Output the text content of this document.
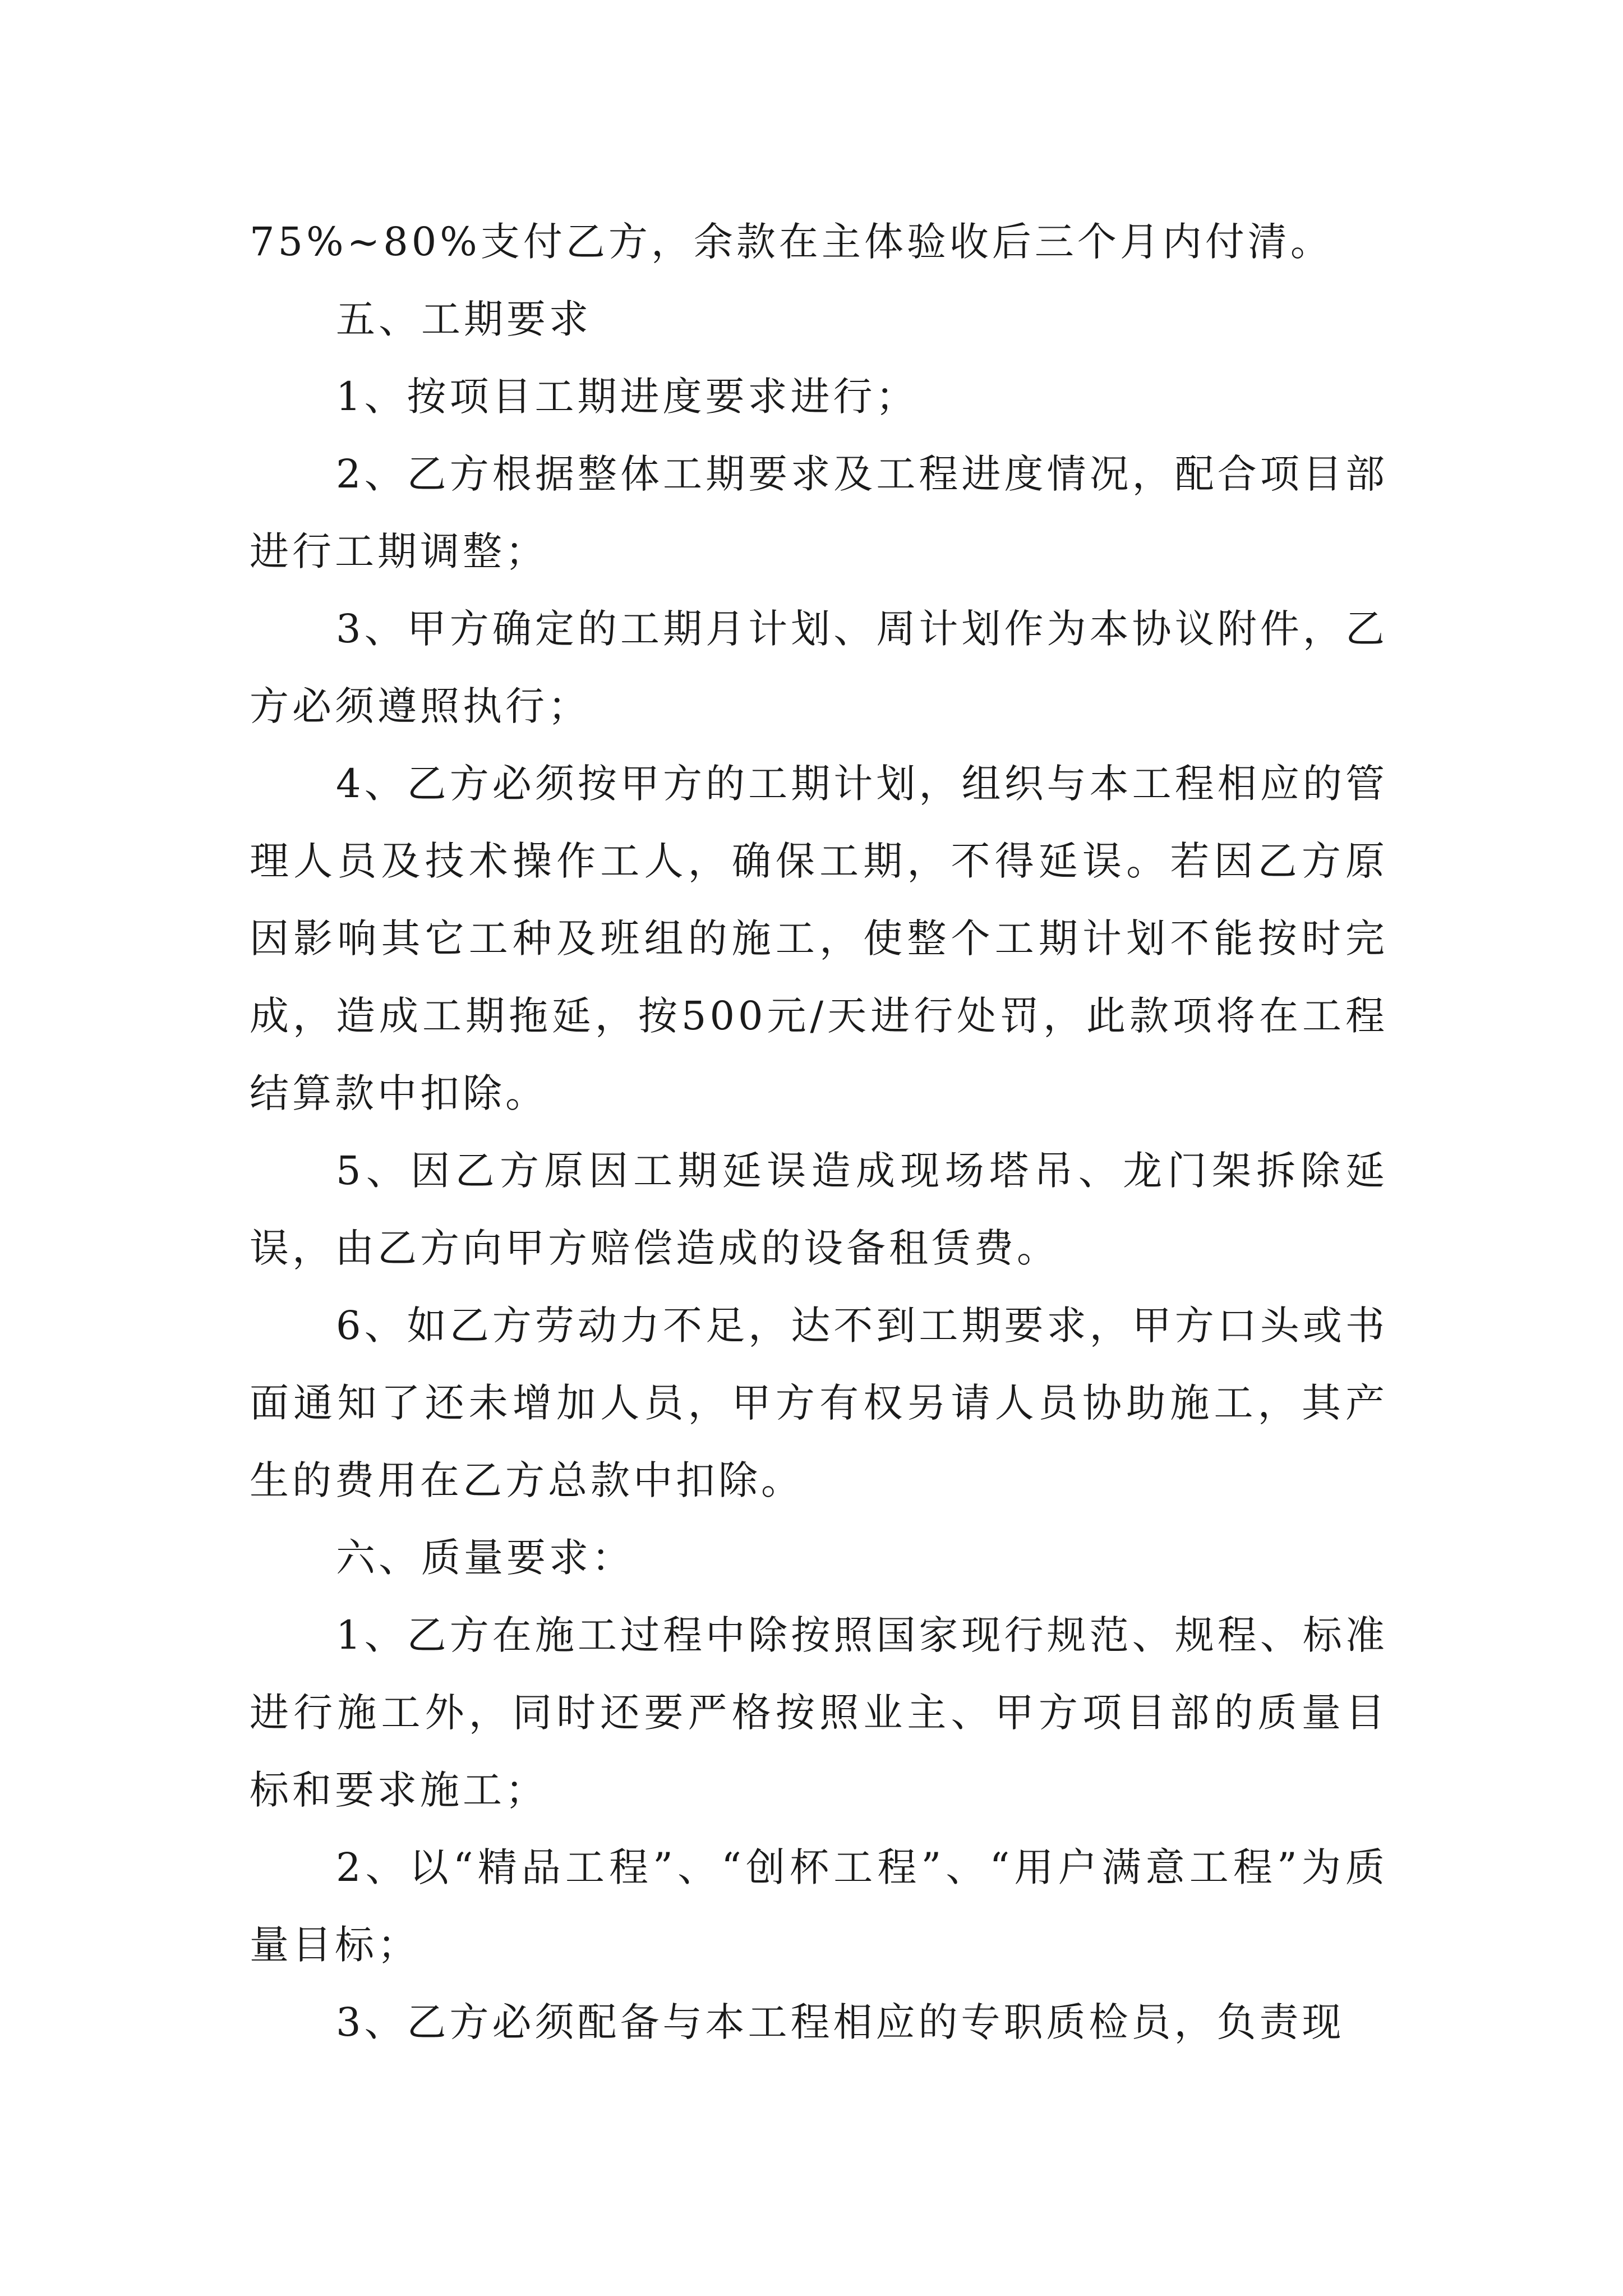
75%~80%支付乙方，余款在主体验收后三个月内付清。

五、工期要求

1、按项目工期进度要求进行；

2、乙方根据整体工期要求及工程进度情况，配合项目部进行工期调整；

3、甲方确定的工期月计划、周计划作为本协议附件，乙方必须遵照执行；

4、乙方必须按甲方的工期计划，组织与本工程相应的管理人员及技术操作工人，确保工期，不得延误。若因乙方原因影响其它工种及班组的施工，使整个工期计划不能按时完成，造成工期拖延，按500元/天进行处罚，此款项将在工程结算款中扣除。

5、因乙方原因工期延误造成现场塔吊、龙门架拆除延误，由乙方向甲方赔偿造成的设备租赁费。

6、如乙方劳动力不足，达不到工期要求，甲方口头或书面通知了还未增加人员，甲方有权另请人员协助施工，其产生的费用在乙方总款中扣除。

六、质量要求：

1、乙方在施工过程中除按照国家现行规范、规程、标准进行施工外，同时还要严格按照业主、甲方项目部的质量目标和要求施工；

2、以“精品工程”、“创杯工程”、“用户满意工程”为质量目标；

3、乙方必须配备与本工程相应的专职质检员，负责现
